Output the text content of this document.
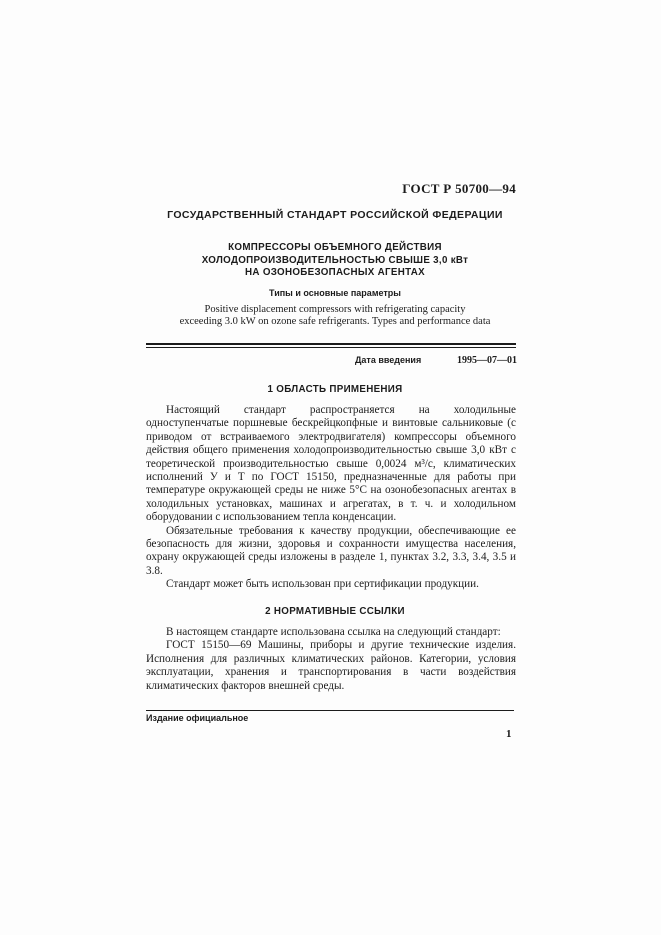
ГОСТ Р 50700—94
ГОСУДАРСТВЕННЫЙ СТАНДАРТ РОССИЙСКОЙ ФЕДЕРАЦИИ
КОМПРЕССОРЫ ОБЪЕМНОГО ДЕЙСТВИЯ
ХОЛОДОПРОИЗВОДИТЕЛЬНОСТЬЮ СВЫШЕ 3,0 кВт
НА ОЗОНОБЕЗОПАСНЫХ АГЕНТАХ
Типы и основные параметры
Positive displacement compressors with refrigerating capacity
exceeding 3.0 kW on ozone safe refrigerants. Types and performance data
Дата введения	1995—07—01
1 ОБЛАСТЬ ПРИМЕНЕНИЯ

Настоящий стандарт распространяется на холодильные одноступенчатые поршневые бескрейцкопфные и винтовые сальниковые (с приводом от встраиваемого электродвигателя) компрессоры объемного действия общего применения холодопроизводительностью свыше 3,0 кВт с теоретической производительностью свыше 0,0024 м³/с, климатических исполнений У и Т по ГОСТ 15150, предназначенные для работы при температуре окружающей среды не ниже 5°С на озонобезопасных агентах в холодильных установках, машинах и агрегатах, в т. ч. и холодильном оборудовании с использованием тепла конденсации.

Обязательные требования к качеству продукции, обеспечивающие ее безопасность для жизни, здоровья и сохранности имущества населения, охрану окружающей среды изложены в разделе 1, пунктах 3.2, 3.3, 3.4, 3.5 и 3.8.

Стандарт может быть использован при сертификации продукции.

2 НОРМАТИВНЫЕ ССЫЛКИ

В настоящем стандарте использована ссылка на следующий стандарт:

ГОСТ 15150—69 Машины, приборы и другие технические изделия. Исполнения для различных климатических районов. Категории, условия эксплуатации, хранения и транспортирования в части воздействия климатических факторов внешней среды.

Издание официальное
1
